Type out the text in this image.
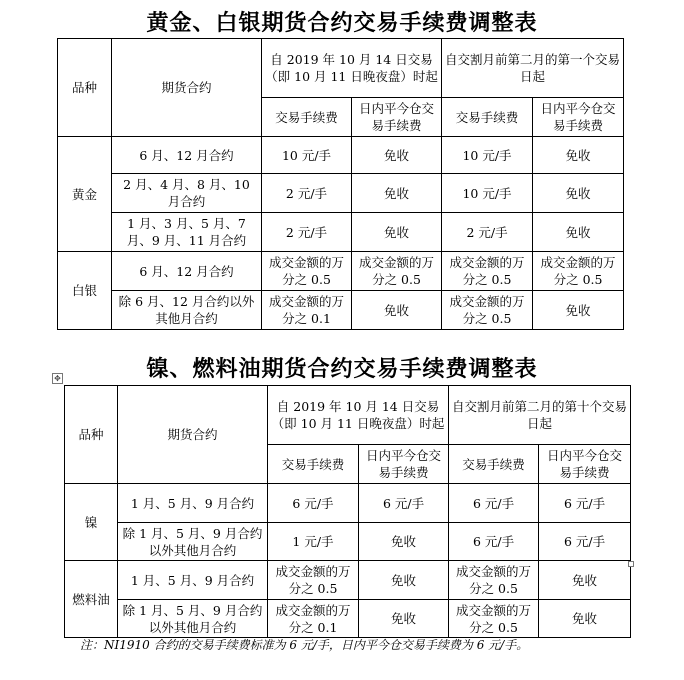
黄金、白银期货合约交易手续费调整表
品种	期货合约	自 2019 年 10 月 14 日交易（即 10 月 11 日晚夜盘）时起		自交割月前第二月的第一个交易日起	
		交易手续费	日内平今仓交易手续费	交易手续费	日内平今仓交易手续费
黄金	6 月、12 月合约	10 元/手	免收	10 元/手	免收
	2 月、4 月、8 月、10 月合约	2 元/手	免收	10 元/手	免收
	1 月、3 月、5 月、7 月、9 月、11 月合约	2 元/手	免收	2 元/手	免收
白银	6 月、12 月合约	成交金额的万分之 0.5	成交金额的万分之 0.5	成交金额的万分之 0.5	成交金额的万分之 0.5
	除 6 月、12 月合约以外其他月合约	成交金额的万分之 0.1	免收	成交金额的万分之 0.5	免收
镍、燃料油期货合约交易手续费调整表
✥
品种	期货合约	自 2019 年 10 月 14 日交易（即 10 月 11 日晚夜盘）时起		自交割月前第二月的第十个交易日起	
		交易手续费	日内平今仓交易手续费	交易手续费	日内平今仓交易手续费
镍	1 月、5 月、9 月合约	6 元/手	6 元/手	6 元/手	6 元/手
	除 1 月、5 月、9 月合约以外其他月合约	1 元/手	免收	6 元/手	6 元/手
燃料油	1 月、5 月、9 月合约	成交金额的万分之 0.5	免收	成交金额的万分之 0.5	免收
	除 1 月、5 月、9 月合约以外其他月合约	成交金额的万分之 0.1	免收	成交金额的万分之 0.5	免收
注：NI1910 合约的交易手续费标准为 6 元/手，日内平今仓交易手续费为 6 元/手。
